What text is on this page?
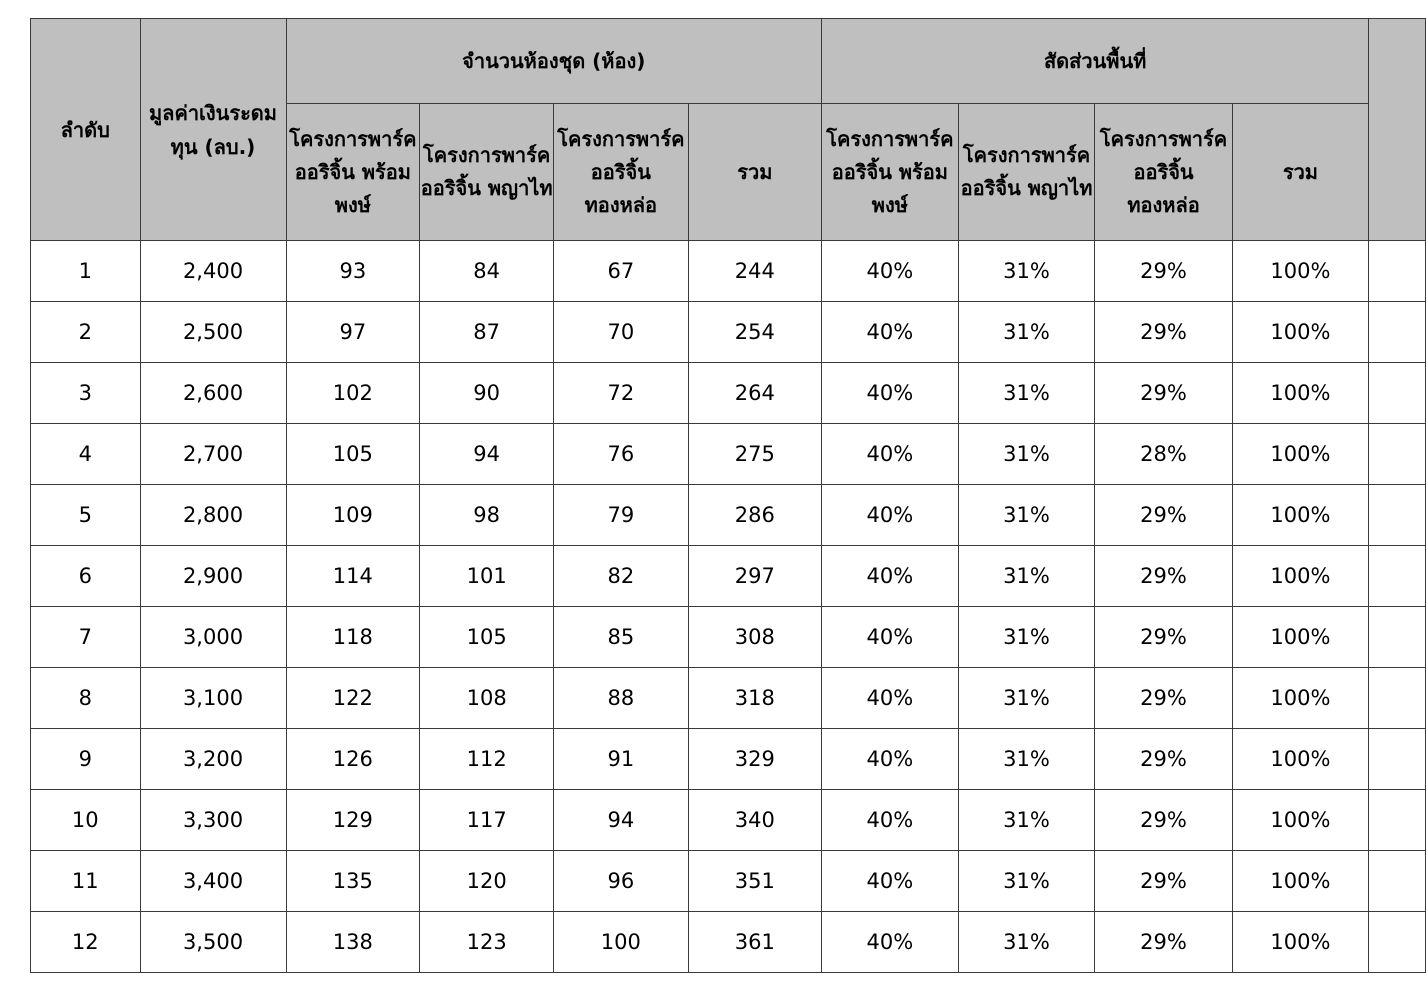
ลำดับ	มูลค่าเงินระดมทุน (ลบ.)	จำนวนห้องชุด (ห้อง)				สัดส่วนพื้นที่				
		โครงการพาร์ค ออริจิ้น พร้อมพงษ์	โครงการพาร์ค ออริจิ้น พญาไท	โครงการพาร์ค ออริจิ้น ทองหล่อ	รวม	โครงการพาร์ค ออริจิ้น พร้อมพงษ์	โครงการพาร์ค ออริจิ้น พญาไท	โครงการพาร์ค ออริจิ้น ทองหล่อ	รวม	
1	2,400	93	84	67	244	40%	31%	29%	100%	
2	2,500	97	87	70	254	40%	31%	29%	100%	
3	2,600	102	90	72	264	40%	31%	29%	100%	
4	2,700	105	94	76	275	40%	31%	28%	100%	
5	2,800	109	98	79	286	40%	31%	29%	100%	
6	2,900	114	101	82	297	40%	31%	29%	100%	
7	3,000	118	105	85	308	40%	31%	29%	100%	
8	3,100	122	108	88	318	40%	31%	29%	100%	
9	3,200	126	112	91	329	40%	31%	29%	100%	
10	3,300	129	117	94	340	40%	31%	29%	100%	
11	3,400	135	120	96	351	40%	31%	29%	100%	
12	3,500	138	123	100	361	40%	31%	29%	100%	
